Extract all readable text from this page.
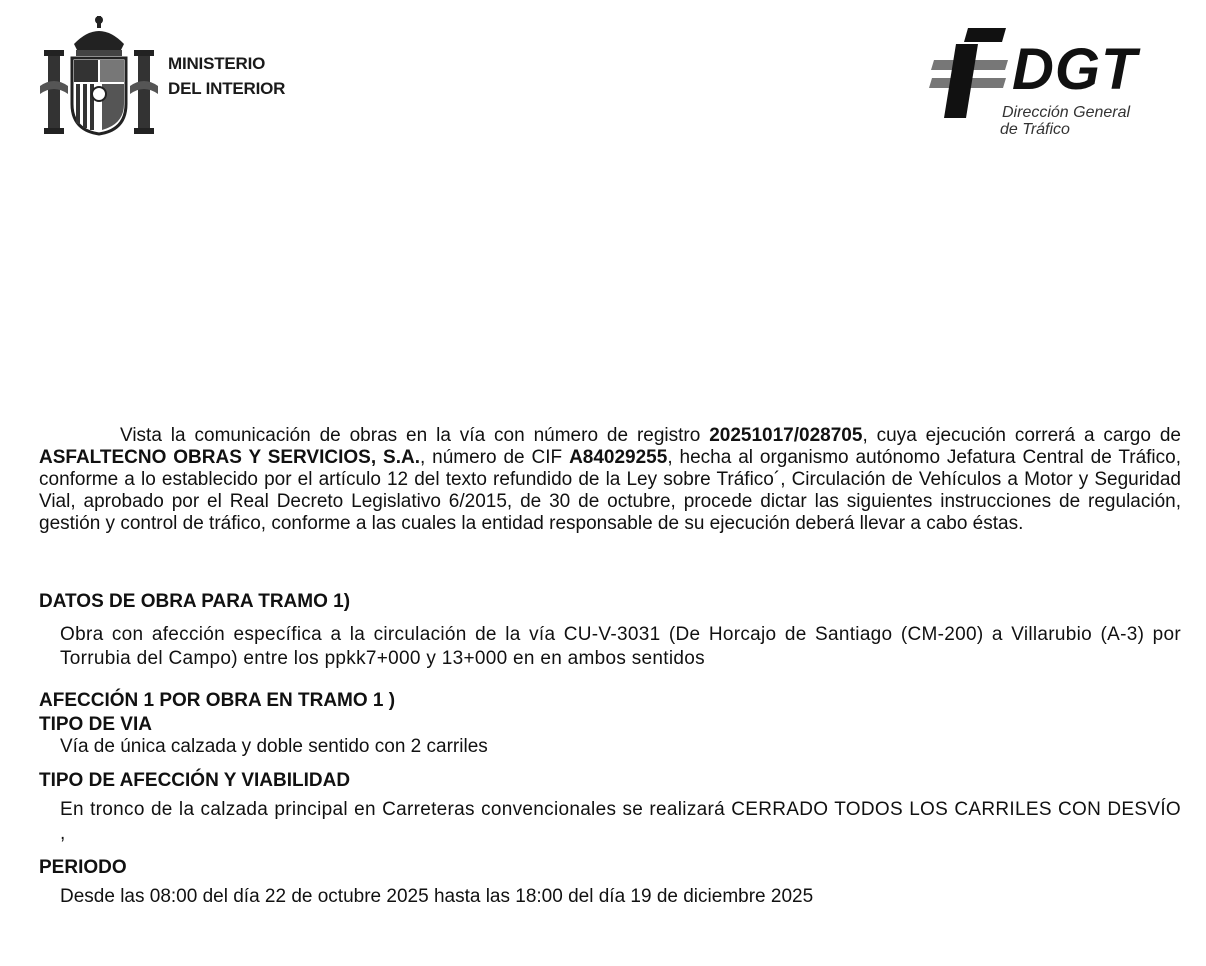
MINISTERIO
DEL INTERIOR	DGT
Dirección General
de Tráfico

Vista la comunicación de obras en la vía con número de registro 20251017/028705, cuya ejecución correrá a cargo de ASFALTECNO OBRAS Y SERVICIOS, S.A., número de CIF A84029255, hecha al organismo autónomo Jefatura Central de Tráfico, conforme a lo establecido por el artículo 12 del texto refundido de la Ley sobre Tráfico´, Circulación de Vehículos a Motor y Seguridad Vial, aprobado por el Real Decreto Legislativo 6/2015, de 30 de octubre, procede dictar las siguientes instrucciones de regulación, gestión y control de tráfico, conforme a las cuales la entidad responsable de su ejecución deberá llevar a cabo éstas.

DATOS DE OBRA PARA TRAMO 1)

Obra con afección específica a la circulación de la vía CU-V-3031 (De Horcajo de Santiago (CM-200) a Villarubio (A-3) por Torrubia del Campo) entre los ppkk7+000 y 13+000 en en ambos sentidos

AFECCIÓN 1 POR OBRA EN TRAMO 1 )

TIPO DE VIA

Vía de única calzada y doble sentido con 2 carriles

TIPO DE AFECCIÓN Y VIABILIDAD

En tronco de la calzada principal en Carreteras convencionales se realizará CERRADO TODOS LOS CARRILES CON DESVÍO ,

PERIODO

Desde las 08:00 del día 22 de octubre 2025 hasta las 18:00 del día 19 de diciembre 2025
